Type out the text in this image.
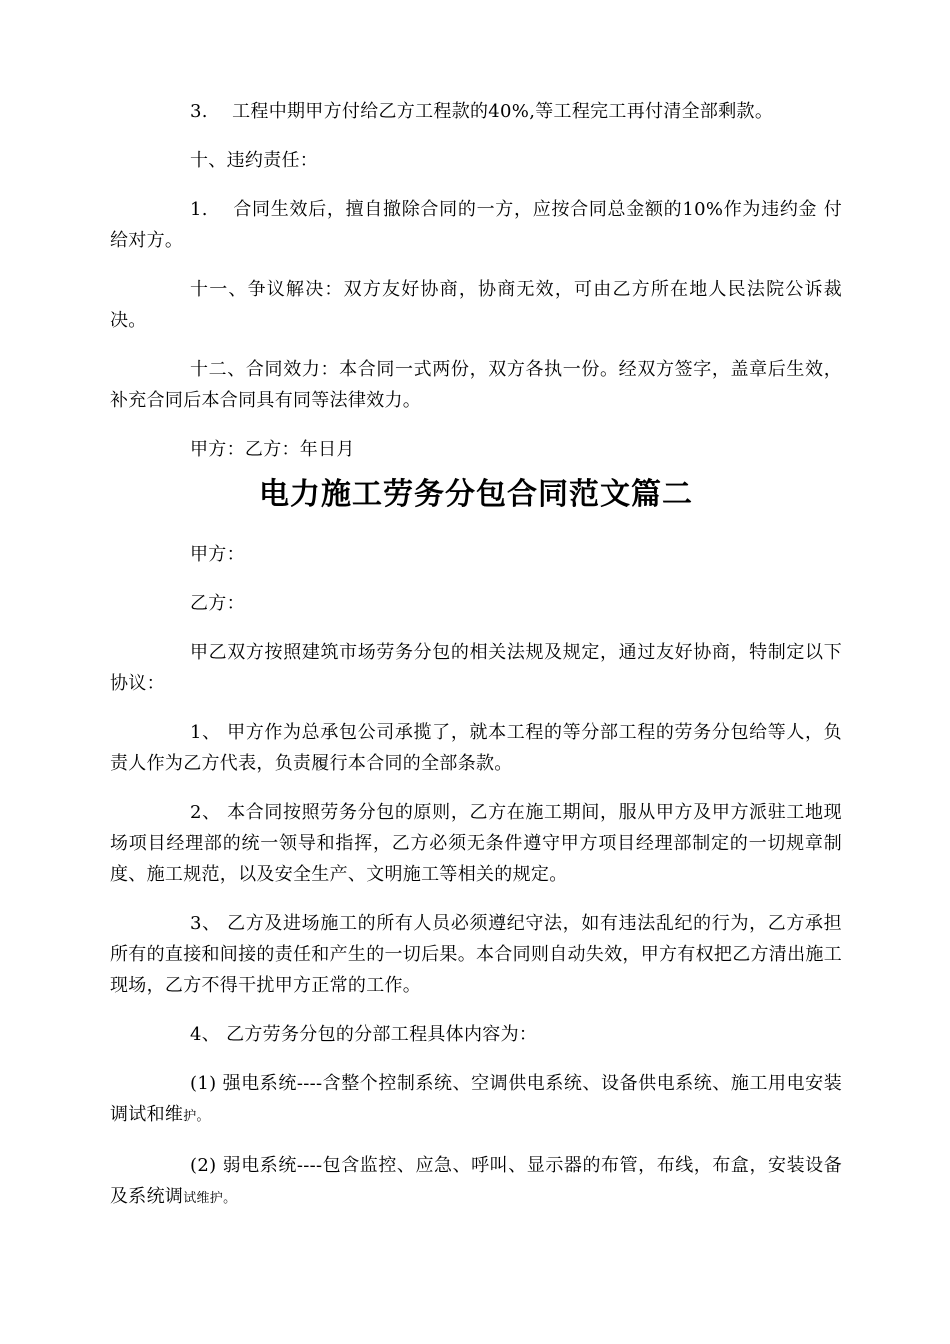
3.　 工程中期甲方付给乙方工程款的40%,等工程完工再付清全部剩款。

十、违约责任：

1.　 合同生效后，擅自撤除合同的一方，应按合同总金额的10%作为违约金 付给对方。

十一、争议解决：双方友好协商，协商无效，可由乙方所在地人民法院公诉裁决。

十二、合同效力：本合同一式两份，双方各执一份。经双方签字，盖章后生效，补充合同后本合同具有同等法律效力。

甲方：乙方：年日月

电力施工劳务分包合同范文篇二

甲方：

乙方：

甲乙双方按照建筑市场劳务分包的相关法规及规定，通过友好协商，特制定以下协议：

1、 甲方作为总承包公司承揽了，就本工程的等分部工程的劳务分包给等人，负责人作为乙方代表，负责履行本合同的全部条款。

2、 本合同按照劳务分包的原则，乙方在施工期间，服从甲方及甲方派驻工地现场项目经理部的统一领导和指挥，乙方必须无条件遵守甲方项目经理部制定的一切规章制度、施工规范，以及安全生产、文明施工等相关的规定。

3、 乙方及进场施工的所有人员必须遵纪守法，如有违法乱纪的行为，乙方承担所有的直接和间接的责任和产生的一切后果。本合同则自动失效，甲方有权把乙方清出施工现场，乙方不得干扰甲方正常的工作。

4、 乙方劳务分包的分部工程具体内容为：

(1) 强电系统----含整个控制系统、空调供电系统、设备供电系统、施工用电安装调试和维护。

(2) 弱电系统----包含监控、应急、呼叫、显示器的布管，布线，布盒，安装设备及系统调试维护。
